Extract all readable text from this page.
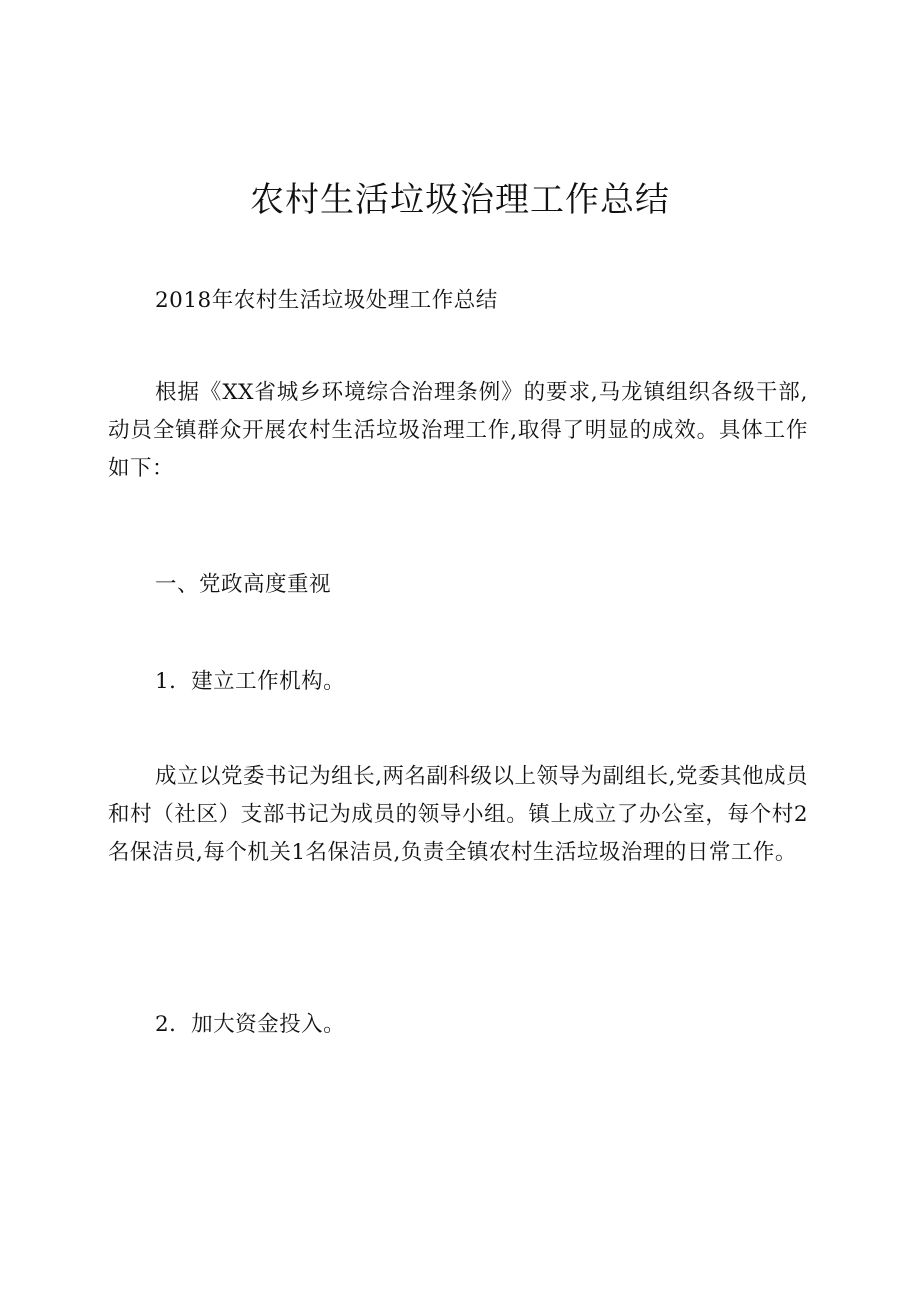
农村生活垃圾治理工作总结

2018年农村生活垃圾处理工作总结

根据《XX省城乡环境综合治理条例》的要求,马龙镇组织各级干部,动员全镇群众开展农村生活垃圾治理工作,取得了明显的成效。具体工作如下：

一、党政高度重视

1．建立工作机构。

成立以党委书记为组长,两名副科级以上领导为副组长,党委其他成员和村（社区）支部书记为成员的领导小组。镇上成立了办公室，每个村2名保洁员,每个机关1名保洁员,负责全镇农村生活垃圾治理的日常工作。

2．加大资金投入。
